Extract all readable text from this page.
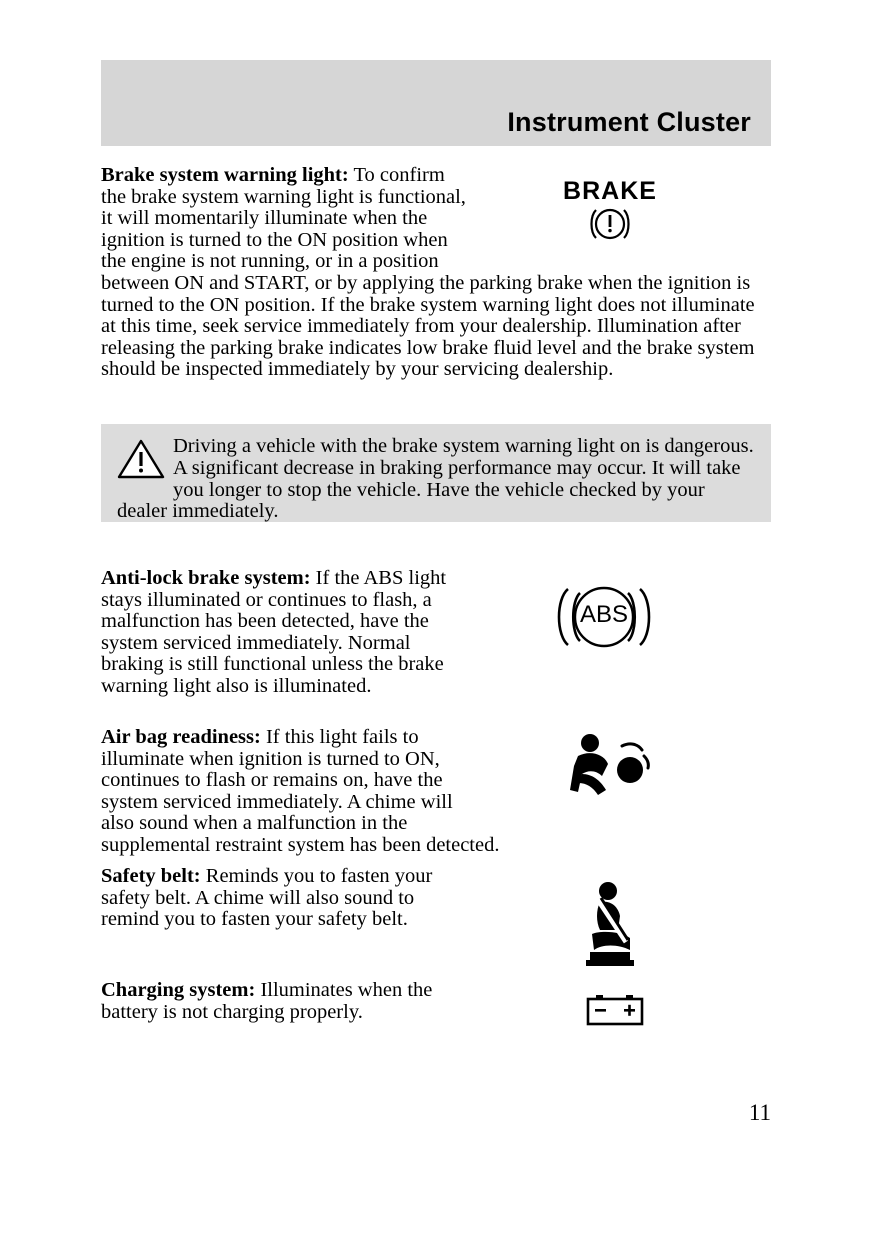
Instrument Cluster

Brake system warning light: To confirm the brake system warning light is functional, it will momentarily illuminate when the ignition is turned to the ON position when the engine is not running, or in a position between ON and START, or by applying the parking brake when the ignition is turned to the ON position. If the brake system warning light does not illuminate at this time, seek service immediately from your dealership. Illumination after releasing the parking brake indicates low brake fluid level and the brake system should be inspected immediately by your servicing dealership.

BRAKE
Driving a vehicle with the brake system warning light on is dangerous. A significant decrease in braking performance may occur. It will take you longer to stop the vehicle. Have the vehicle checked by your dealer immediately.

Anti-lock brake system: If the ABS light stays illuminated or continues to flash, a malfunction has been detected, have the system serviced immediately. Normal braking is still functional unless the brake warning light also is illuminated.

ABS

Air bag readiness: If this light fails to illuminate when ignition is turned to ON, continues to flash or remains on, have the system serviced immediately. A chime will also sound when a malfunction in the supplemental restraint system has been detected.

Safety belt: Reminds you to fasten your safety belt. A chime will also sound to remind you to fasten your safety belt.

Charging system: Illuminates when the battery is not charging properly.

11
